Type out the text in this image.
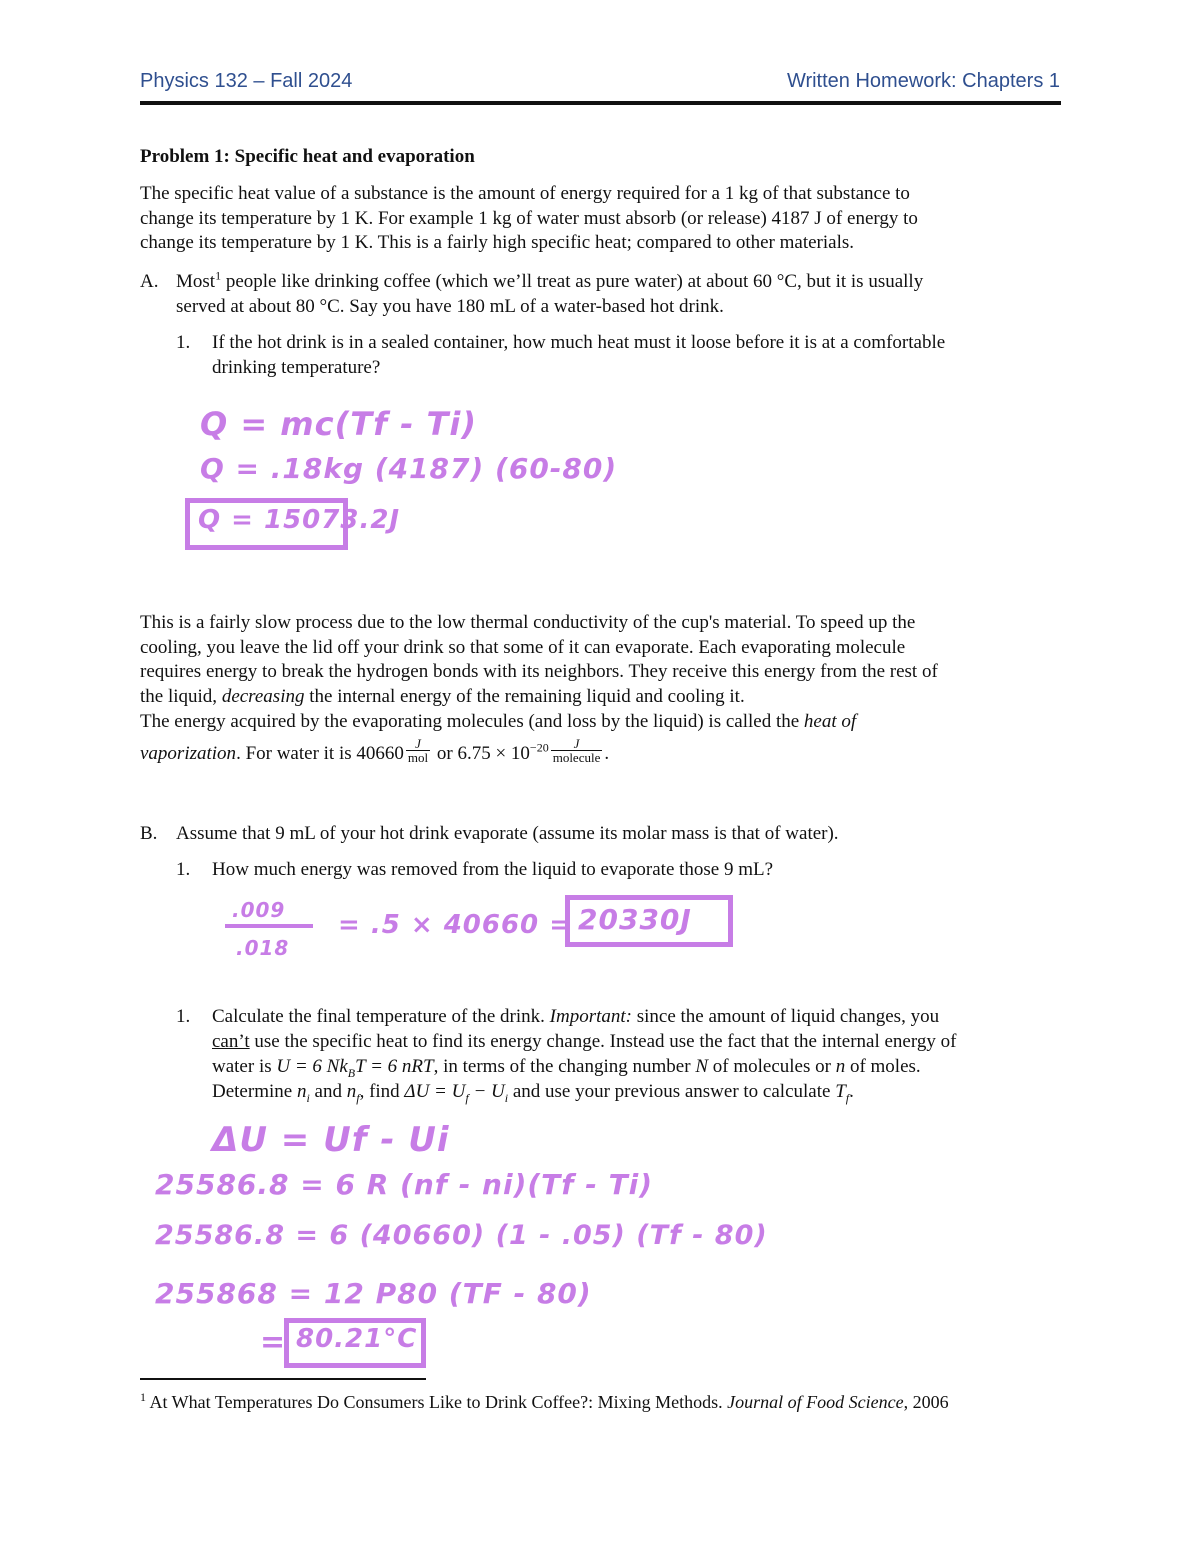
Physics 132 – Fall 2024	Written Homework: Chapters 1
Problem 1: Specific heat and evaporation
The specific heat value of a substance is the amount of energy required for a 1 kg of that substance to
change its temperature by 1 K. For example 1 kg of water must absorb (or release) 4187 J of energy to
change its temperature by 1 K. This is a fairly high specific heat; compared to other materials.
A. Most$^1$ people like drinking coffee (which we’ll treat as pure water) at about 60 °C, but it is usually
served at about 80 °C. Say you have 180 mL of a water-based hot drink.
1. If the hot drink is in a sealed container, how much heat must it loose before it is at a comfortable
drinking temperature?
Q = mc(Tf - Ti)
Q = .18kg (4187) (60-80)
Q = 15073.2J
This is a fairly slow process due to the low thermal conductivity of the cup's material. To speed up the
cooling, you leave the lid off your drink so that some of it can evaporate. Each evaporating molecule
requires energy to break the hydrogen bonds with its neighbors. They receive this energy from the rest of
the liquid, decreasing the internal energy of the remaining liquid and cooling it.
The energy acquired by the evaporating molecules (and loss by the liquid) is called the heat of
vaporization. For water it is $40660 \frac{J}{\text{mol}}$ or $6.75 \times 10^{-20} \frac{J}{\text{molecule}}$ .
B. Assume that 9 mL of your hot drink evaporate (assume its molar mass is that of water).
1. How much energy was removed from the liquid to evaporate those 9 mL?
.009
.018
= .5 × 40660 = 20330J
1. Calculate the final temperature of the drink. Important: since the amount of liquid changes, you
can’t use the specific heat to find its energy change. Instead use the fact that the internal energy of
water is U = 6 $Nk_BT = 6$ nRT, in terms of the changing number N of molecules or n of moles.
Determine $n_i$ and $n_f$, find $\Delta U = U_f - U_i$ and use your previous answer to calculate $T_f$.
ΔU = Uf - Ui
25586.8 = 6 R (nf - ni)(Tf - Ti)
25586.8 = 6 (40660) (1 - .05) (Tf - 80)
255868 = 12 P80 (TF - 80)
= 80.21°C
$^1$ At What Temperatures Do Consumers Like to Drink Coffee?: Mixing Methods. Journal of Food Science, 2006
